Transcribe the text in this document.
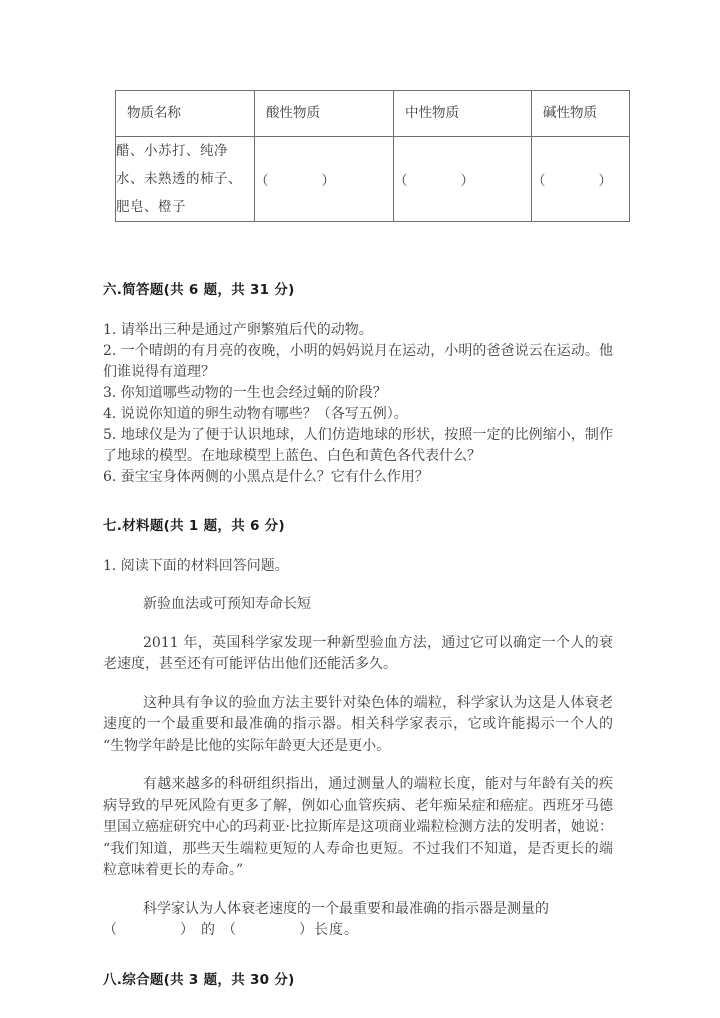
物质名称	酸性物质	中性物质	碱性物质

醋、小苏打、纯净水、未熟透的柿子、肥皂、橙子	（ ）	（ ）	（ ）
六.简答题(共 6 题，共 31 分)

1. 请举出三种是通过产卵繁殖后代的动物。

2. 一个晴朗的有月亮的夜晚，小明的妈妈说月在运动，小明的爸爸说云在运动。他们谁说得有道理？

3. 你知道哪些动物的一生也会经过蛹的阶段？

4. 说说你知道的卵生动物有哪些？（各写五例）。

5. 地球仪是为了便于认识地球，人们仿造地球的形状，按照一定的比例缩小，制作了地球的模型。在地球模型上蓝色、白色和黄色各代表什么？

6. 蚕宝宝身体两侧的小黑点是什么？它有什么作用？

七.材料题(共 1 题，共 6 分)

1. 阅读下面的材料回答问题。

新验血法或可预知寿命长短

2011 年，英国科学家发现一种新型验血方法，通过它可以确定一个人的衰老速度，甚至还有可能评估出他们还能活多久。

这种具有争议的验血方法主要针对染色体的端粒，科学家认为这是人体衰老速度的一个最重要和最准确的指示器。相关科学家表示，它或许能揭示一个人的“生物学年龄是比他的实际年龄更大还是更小。

有越来越多的科研组织指出，通过测量人的端粒长度，能对与年龄有关的疾病导致的早死风险有更多了解，例如心血管疾病、老年痴呆症和癌症。西班牙马德里国立癌症研究中心的玛莉亚·比拉斯库是这项商业端粒检测方法的发明者，她说：“我们知道，那些天生端粒更短的人寿命也更短。不过我们不知道，是否更长的端粒意味着更长的寿命。”

科学家认为人体衰老速度的一个最重要和最准确的指示器是测量的

（	） 的 （	）长度。

八.综合题(共 3 题，共 30 分)
